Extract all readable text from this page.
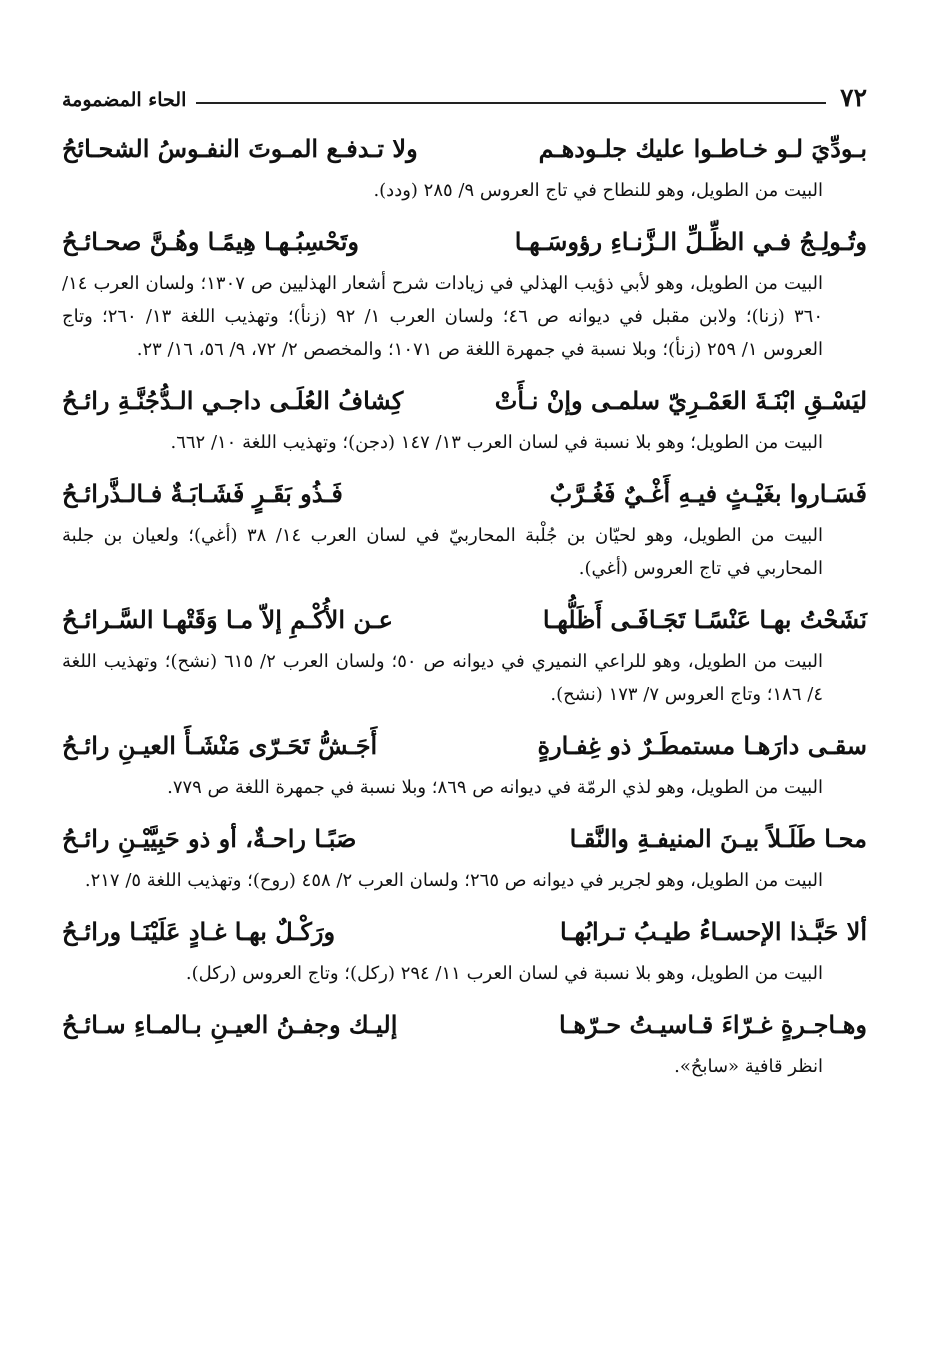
٧٢
الحاء المضمومة
بـودِّيَ لـو خـاطـوا عليك جلـودهـم
ولا تـدفـع المـوتَ النفـوسُ الشحـائحُ
البيت من الطويل، وهو للنطاح في تاج العروس ٩/ ٢٨٥ (ودد).
وتُـولِـجُ فـي الظِّـلِّ الـزَّنـاءِ رؤوسَـهـا
وتَحْسِبُـهـا هِيمًـا وهُـنَّ صحـائـحُ
البيت من الطويل، وهو لأبي ذؤيب الهذلي في زيادات شرح أشعار الهذليين ص ١٣٠٧؛ ولسان العرب ١٤/ ٣٦٠ (زنا)؛ ولابن مقبل في ديوانه ص ٤٦؛ ولسان العرب ١/ ٩٢ (زنأ)؛ وتهذيب اللغة ١٣/ ٢٦٠؛ وتاج العروس ١/ ٢٥٩ (زنأ)؛ وبلا نسبة في جمهرة اللغة ص ١٠٧١؛ والمخصص ٢/ ٧٢، ٩/ ٥٦، ١٦/ ٢٣.
ليَسْـقِ ابْنَـةَ العَمْـرِيّ سلمـى وإنْ نـأَتْ
كِشافُ العُلَـى داجـي الـدُّجُنَّـةِ رائـحُ
البيت من الطويل؛ وهو بلا نسبة في لسان العرب ١٣/ ١٤٧ (دجن)؛ وتهذيب اللغة ١٠/ ٦٦٢.
فَسَـاروا بغَيْـثٍ فيـهِ أَغْـيٌ فَغُـرَّبٌ
فَـذُو بَقَـرٍ فَشَـابَـةٌ فـالـذَّرائـحُ
البيت من الطويل، وهو لحيّان بن جُلْبة المحاربيّ في لسان العرب ١٤/ ٣٨ (أغي)؛ ولعيان بن جلبة المحاربي في تاج العروس (أغي).
نَشَحْتُ بهـا عَنْسًـا تَجَـافَـى أَظَلُّهـا
عـن الأُكْـمِ إلاّ مـا وَقَتْهـا السَّـرائـحُ
البيت من الطويل، وهو للراعي النميري في ديوانه ص ٥٠؛ ولسان العرب ٢/ ٦١٥ (نشح)؛ وتهذيب اللغة ٤/ ١٨٦؛ وتاج العروس ٧/ ١٧٣ (نشح).
سقـى دارَهـا مستمطَـرٌ ذو غِفـارةٍ
أَجَـشُّ تَحَـرّى مَنْشَـأَ العيـنِ رائـحُ
البيت من الطويل، وهو لذي الرمّة في ديوانه ص ٨٦٩؛ وبلا نسبة في جمهرة اللغة ص ٧٧٩.
محـا طَلَـلاً بيـنَ المنيفـةِ والنَّقـا
صَبًـا راحـةٌ، أو ذو حَبِيَّيْـنِ رائـحُ
البيت من الطويل، وهو لجرير في ديوانه ص ٢٦٥؛ ولسان العرب ٢/ ٤٥٨ (روح)؛ وتهذيب اللغة ٥/ ٢١٧.
ألا حَبَّـذا الإحسـاءُ طيـبُ تـرابُهـا
ورَكْـلٌ بهـا غـادٍ عَلَيْنَـا ورائـحُ
البيت من الطويل، وهو بلا نسبة في لسان العرب ١١/ ٢٩٤ (ركل)؛ وتاج العروس (ركل).
وهـاجـرةٍ غـرّاءَ قـاسيـتُ حـرّهـا
إليـك وجفـنُ العيـنِ بـالمـاءِ سـائـحُ
انظر قافية «سابحُ».
